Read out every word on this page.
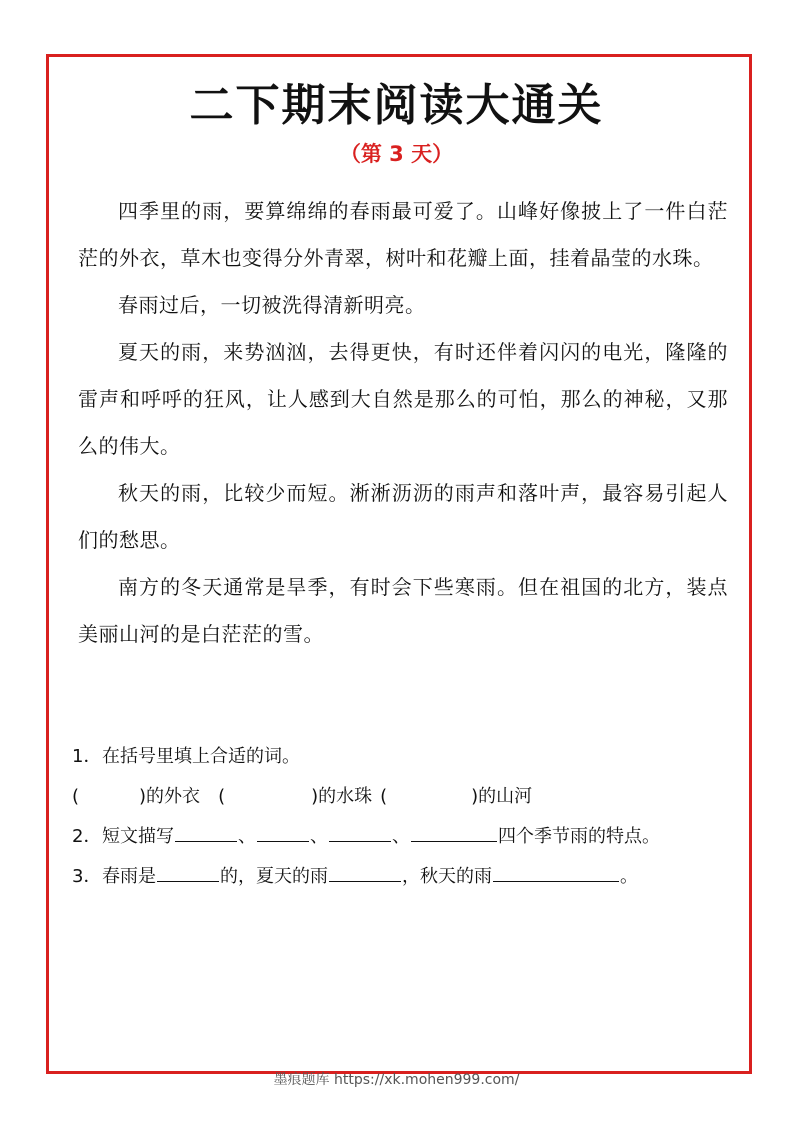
二下期末阅读大通关
（第 3 天）

四季里的雨，要算绵绵的春雨最可爱了。山峰好像披上了一件白茫茫的外衣，草木也变得分外青翠，树叶和花瓣上面，挂着晶莹的水珠。

春雨过后，一切被洗得清新明亮。

夏天的雨，来势汹汹，去得更快，有时还伴着闪闪的电光，隆隆的雷声和呼呼的狂风，让人感到大自然是那么的可怕，那么的神秘，又那么的伟大。

秋天的雨，比较少而短。淅淅沥沥的雨声和落叶声，最容易引起人们的愁思。

南方的冬天通常是旱季，有时会下些寒雨。但在祖国的北方，装点美丽山河的是白茫茫的雪。

1．在括号里填上合适的词。
(	)的外衣 (	)的水珠 (	)的山河
2．短文描写	、	、	、	四个季节雨的特点。
3．春雨是	的，夏天的雨	，秋天的雨	。
墨痕题库 https://xk.mohen999.com/
